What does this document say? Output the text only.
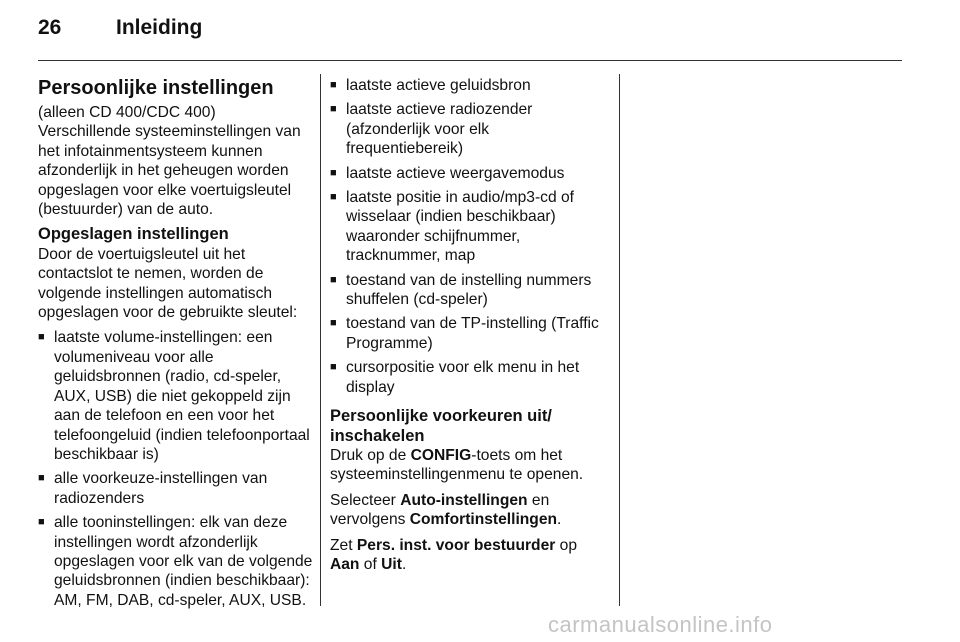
26	Inleiding
Persoonlijke instellingen

(alleen CD 400/CDC 400)

Verschillende systeeminstellingen van het infotainmentsysteem kunnen afzonderlijk in het geheugen worden opgeslagen voor elke voertuigsleutel (bestuurder) van de auto.

Opgeslagen instellingen

Door de voertuigsleutel uit het contactslot te nemen, worden de volgende instellingen automatisch opgeslagen voor de gebruikte sleutel:

■ laatste volume-instellingen: een volumeniveau voor alle geluidsbronnen (radio, cd-speler, AUX, USB) die niet gekoppeld zijn aan de telefoon en een voor het telefoongeluid (indien telefoonportaal beschikbaar is)
■ alle voorkeuze-instellingen van radiozenders
■ alle tooninstellingen: elk van deze instellingen wordt afzonderlijk opgeslagen voor elk van de volgende geluidsbronnen (indien beschikbaar): AM, FM, DAB, cd-speler, AUX, USB.
■ laatste actieve geluidsbron
■ laatste actieve radiozender (afzonderlijk voor elk frequentiebereik)
■ laatste actieve weergavemodus
■ laatste positie in audio/mp3-cd of wisselaar (indien beschikbaar) waaronder schijfnummer, tracknummer, map
■ toestand van de instelling nummers shuffelen (cd-speler)
■ toestand van de TP-instelling (Traffic Programme)
■ cursorpositie voor elk menu in het display
Persoonlijke voorkeuren uit/ inschakelen

Druk op de CONFIG-toets om het systeeminstellingenmenu te openen.

Selecteer Auto-instellingen en vervolgens Comfortinstellingen.

Zet Pers. inst. voor bestuurder op Aan of Uit.

carmanualsonline.info
